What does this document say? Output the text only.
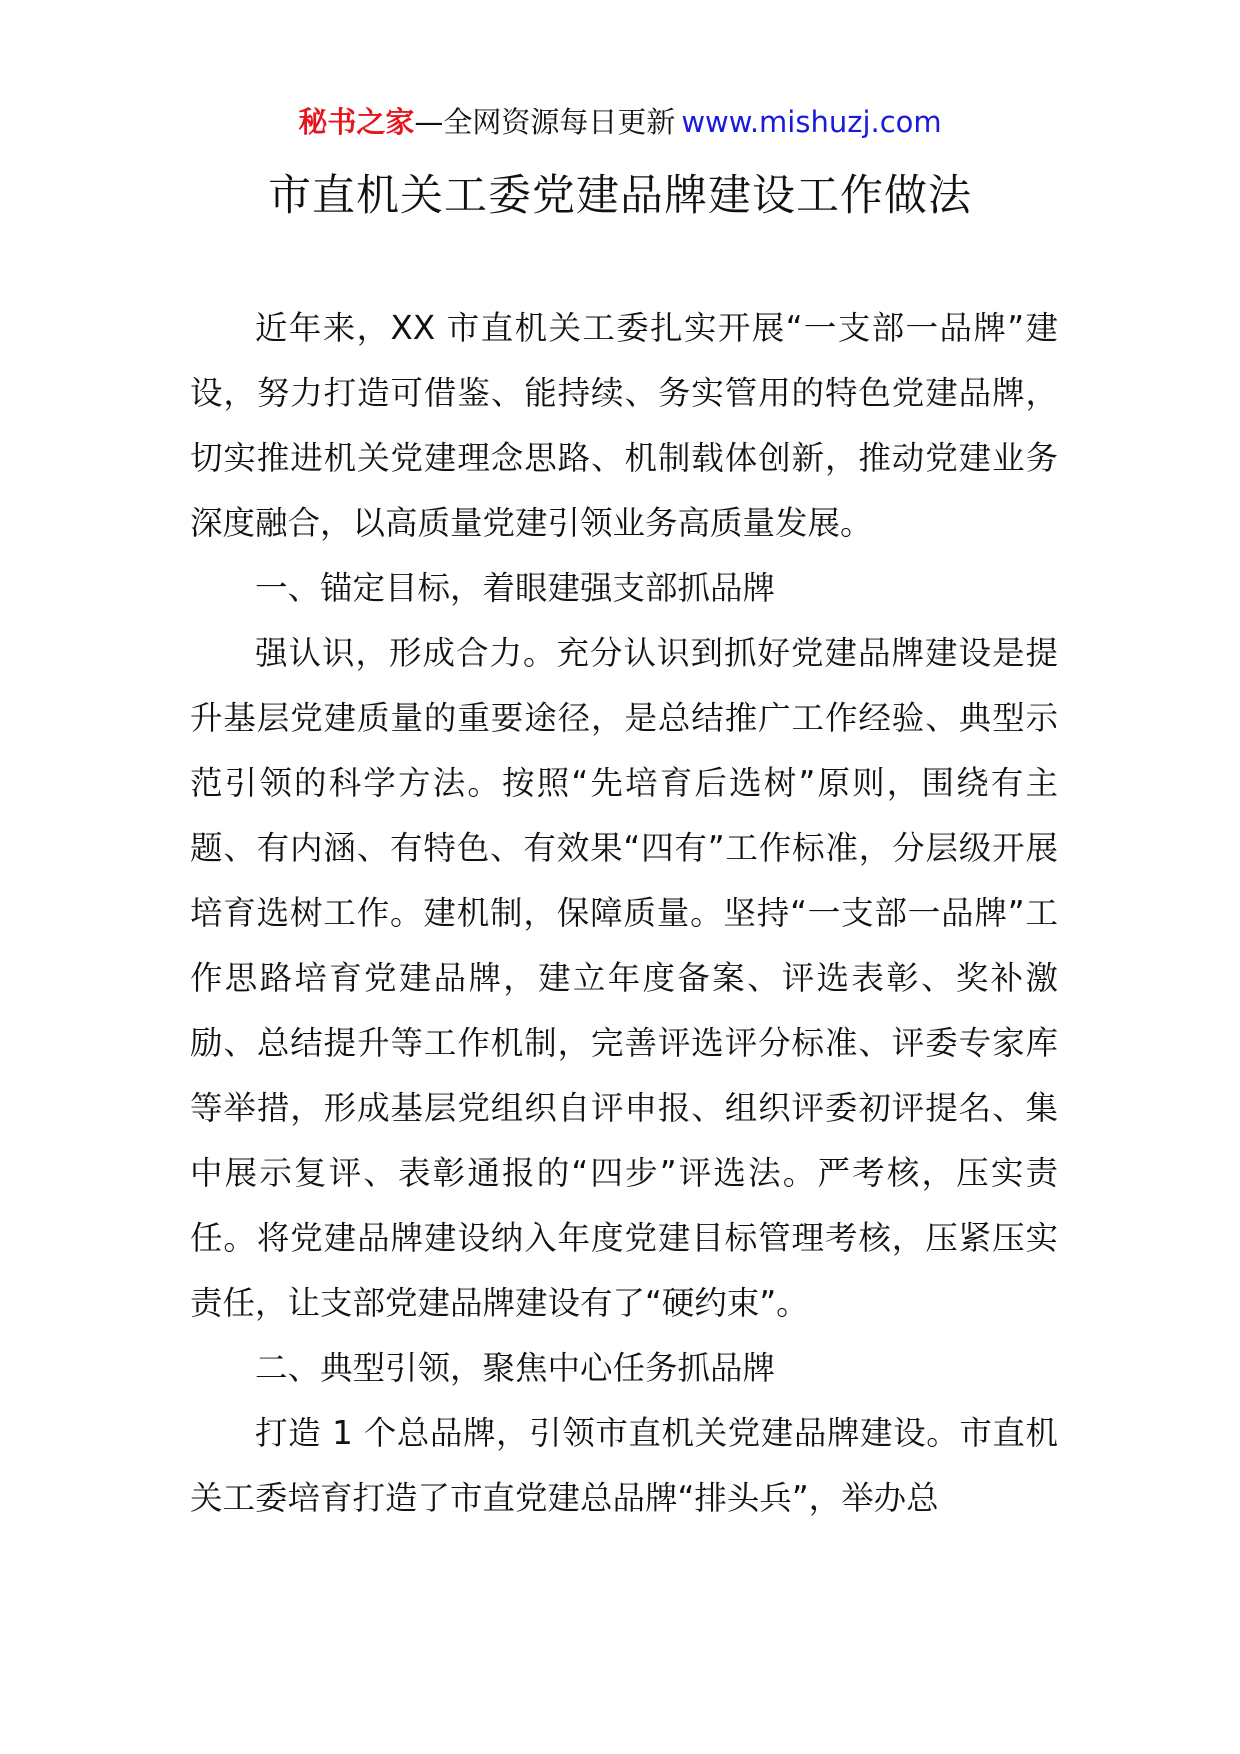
秘书之家—全网资源每日更新 www.mishuzj.com
市直机关工委党建品牌建设工作做法

近年来，XX 市直机关工委扎实开展“一支部一品牌”建设，努力打造可借鉴、能持续、务实管用的特色党建品牌，切实推进机关党建理念思路、机制载体创新，推动党建业务深度融合，以高质量党建引领业务高质量发展。

一、锚定目标，着眼建强支部抓品牌

强认识，形成合力。充分认识到抓好党建品牌建设是提升基层党建质量的重要途径，是总结推广工作经验、典型示范引领的科学方法。按照“先培育后选树”原则，围绕有主题、有内涵、有特色、有效果“四有”工作标准，分层级开展培育选树工作。建机制，保障质量。坚持“一支部一品牌”工作思路培育党建品牌，建立年度备案、评选表彰、奖补激励、总结提升等工作机制，完善评选评分标准、评委专家库等举措，形成基层党组织自评申报、组织评委初评提名、集中展示复评、表彰通报的“四步”评选法。严考核，压实责任。将党建品牌建设纳入年度党建目标管理考核，压紧压实责任，让支部党建品牌建设有了“硬约束”。

二、典型引领，聚焦中心任务抓品牌

打造 1 个总品牌，引领市直机关党建品牌建设。市直机关工委培育打造了市直党建总品牌“排头兵”，举办总
